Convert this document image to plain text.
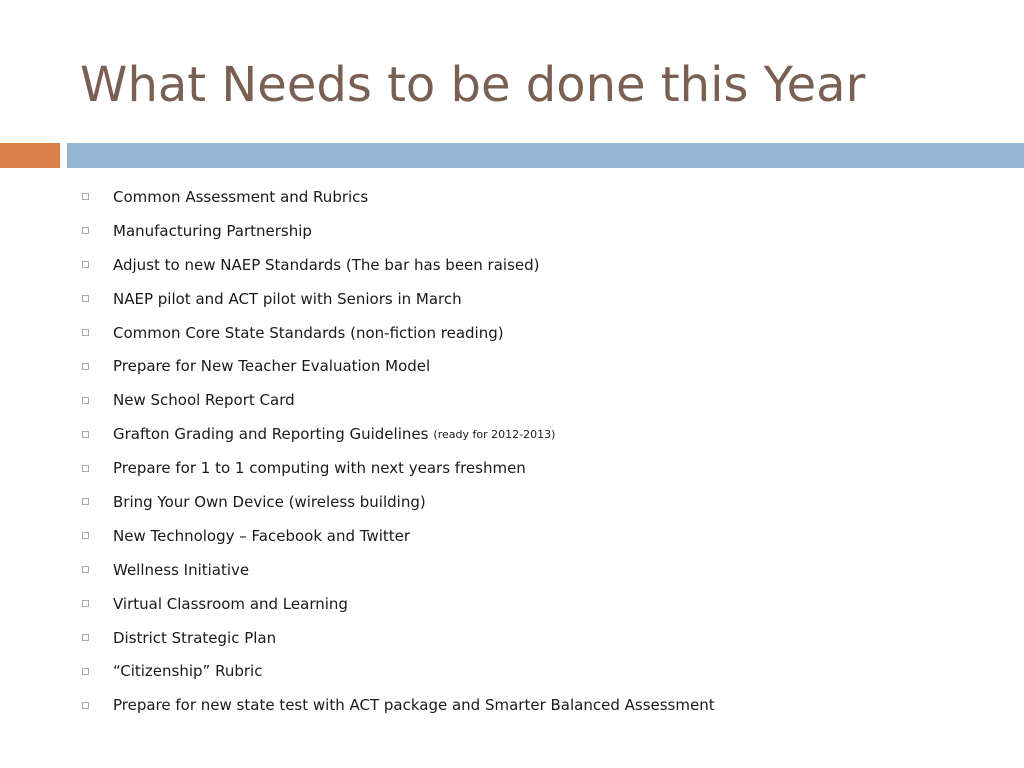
What Needs to be done this Year
Common Assessment and Rubrics
Manufacturing Partnership
Adjust to new NAEP Standards (The bar has been raised)
NAEP pilot and ACT pilot with Seniors in March
Common Core State Standards (non-fiction reading)
Prepare for New Teacher Evaluation Model
New School Report Card
Grafton Grading and Reporting Guidelines (ready for 2012-2013)
Prepare for 1 to 1 computing with next years freshmen
Bring Your Own Device (wireless building)
New Technology – Facebook and Twitter
Wellness Initiative
Virtual Classroom and Learning
District Strategic Plan
“Citizenship” Rubric
Prepare for new state test with ACT package and Smarter Balanced Assessment
